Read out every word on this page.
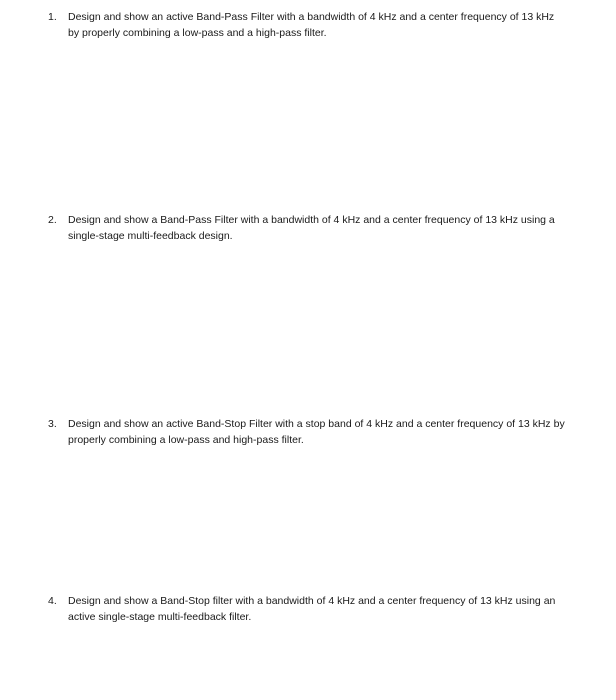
1.	Design and show an active Band-Pass Filter with a bandwidth of 4 kHz and a center frequency of 13 kHz by properly combining a low-pass and a high-pass filter.
2.	Design and show a Band-Pass Filter with a bandwidth of 4 kHz and a center frequency of 13 kHz using a single-stage multi-feedback design.
3.	Design and show an active Band-Stop Filter with a stop band of 4 kHz and a center frequency of 13 kHz by properly combining a low-pass and high-pass filter.
4.	Design and show a Band-Stop filter with a bandwidth of 4 kHz and a center frequency of 13 kHz using an active single-stage multi-feedback filter.
